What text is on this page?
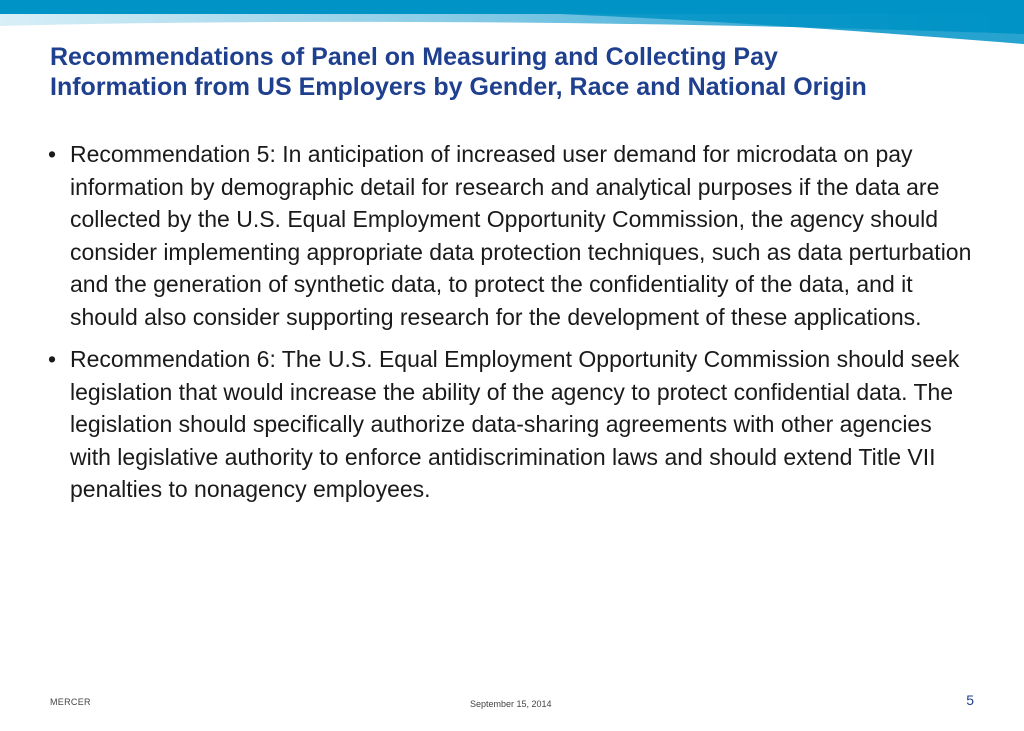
Recommendations of Panel on Measuring and Collecting Pay
Information from US Employers by Gender, Race and National Origin
• Recommendation 5: In anticipation of increased user demand for microdata on pay information by demographic detail for research and analytical purposes if the data are collected by the U.S. Equal Employment Opportunity Commission, the agency should consider implementing appropriate data protection techniques, such as data perturbation and the generation of synthetic data, to protect the confidentiality of the data, and it should also consider supporting research for the development of these applications.
• Recommendation 6: The U.S. Equal Employment Opportunity Commission should seek legislation that would increase the ability of the agency to protect confidential data. The legislation should specifically authorize data-sharing agreements with other agencies with legislative authority to enforce antidiscrimination laws and should extend Title VII penalties to nonagency employees.
MERCER	September 15, 2014	5
